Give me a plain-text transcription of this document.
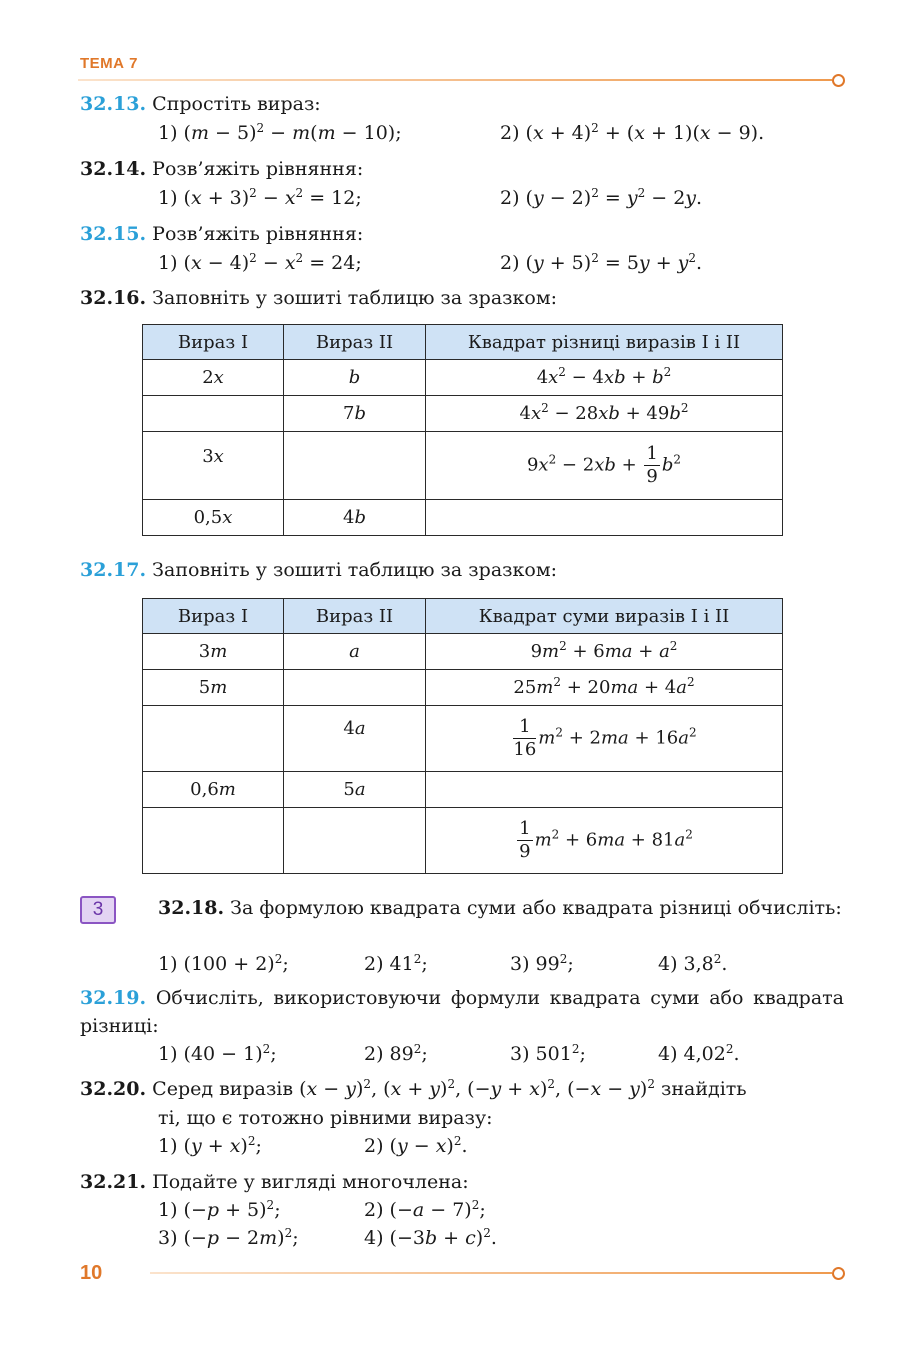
ТЕМА 7
32.13. Спростіть вираз:
1) $(m - 5)^2 - m(m - 10)$;	2) $(x + 4)^2 + (x + 1)(x - 9)$.
32.14. Розв’яжіть рівняння:
1) $(x + 3)^2 - x^2 = 12$;	2) $(y - 2)^2 = y^2 - 2y$.
32.15. Розв’яжіть рівняння:
1) $(x - 4)^2 - x^2 = 24$;	2) $(y + 5)^2 = 5y + y^2$.
32.16. Заповніть у зошиті таблицю за зразком:
Вираз I	Вираз II	Квадрат різниці виразів I і II
2x	b	$4x^2 - 4xb + b^2$
	7b	$4x^2 - 28xb + 49b^2$
3x		$9x^2 - 2xb + \frac{1}{9} b^2$
0,5x	4b	
32.17. Заповніть у зошиті таблицю за зразком:
Вираз I	Вираз II	Квадрат суми виразів I і II
3m	a	$9m^2 + 6ma + a^2$
5m		$25m^2 + 20ma + 4a^2$
	4a	$\frac{1}{16} m^2 + 2ma + 16a^2$
0,6m	5a	

		$\frac{1}{9} m^2 + 6ma + 81a^2$
3	32.18. За формулою квадрата суми або квадрата різниці обчисліть:
1) $(100 + 2)^2$;	2) $41^2$;	3) $99^2$;	4) $3,8^2$.
32.19. Обчисліть, використовуючи формули квадрата суми або квадрата різниці:
1) $(40 - 1)^2$;	2) $89^2$;	3) $501^2$;	4) 4,02$^2$.
32.20. Серед виразів $(x - y)^2$, $(x + y)^2$, $(-y + x)^2$, $(-x - y)^2$ знайдіть
ті, що є тотожно рівними виразу:
1) $(y + x)^2$;	2) $(y - x)^2$.
32.21. Подайте у вигляді многочлена:
1) $(-p + 5)^2$;	2) $(-a - 7)^2$;
3) $(-p - 2m)^2$;	4) $(-3b + c)^2$.
10
